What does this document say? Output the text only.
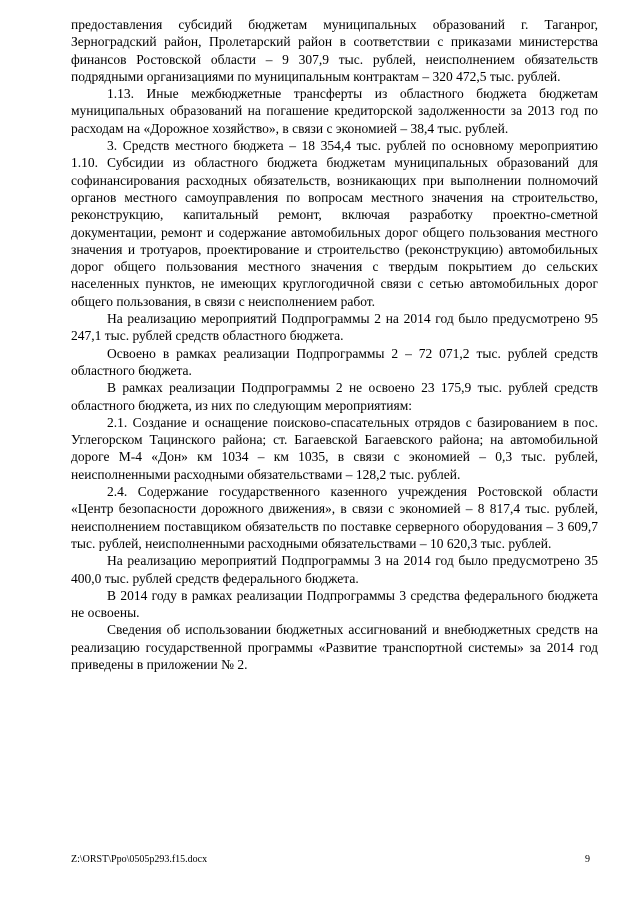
предоставления субсидий бюджетам муниципальных образований г. Таганрог, Зерноградский район, Пролетарский район в соответствии с приказами министерства финансов Ростовской области – 9 307,9 тыс. рублей, неисполнением обязательств подрядными организациями по муниципальным контрактам – 320 472,5 тыс. рублей.

1.13. Иные межбюджетные трансферты из областного бюджета бюджетам муниципальных образований на погашение кредиторской задолженности за 2013 год по расходам на «Дорожное хозяйство», в связи с экономией – 38,4 тыс. рублей.

3. Средств местного бюджета – 18 354,4 тыс. рублей по основному мероприятию 1.10. Субсидии из областного бюджета бюджетам муниципальных образований для софинансирования расходных обязательств, возникающих при выполнении полномочий органов местного самоуправления по вопросам местного значения на строительство, реконструкцию, капитальный ремонт, включая разработку проектно-сметной документации, ремонт и содержание автомобильных дорог общего пользования местного значения и тротуаров, проектирование и строительство (реконструкцию) автомобильных дорог общего пользования местного значения с твердым покрытием до сельских населенных пунктов, не имеющих круглогодичной связи с сетью автомобильных дорог общего пользования, в связи с неисполнением работ.

На реализацию мероприятий Подпрограммы 2 на 2014 год было предусмотрено 95 247,1 тыс. рублей средств областного бюджета.

Освоено в рамках реализации Подпрограммы 2 – 72 071,2 тыс. рублей средств областного бюджета.

В рамках реализации Подпрограммы 2 не освоено 23 175,9 тыс. рублей средств областного бюджета, из них по следующим мероприятиям:

2.1. Создание и оснащение поисково-спасательных отрядов с базированием в пос. Углегорском Тацинского района; ст. Багаевской Багаевского района; на автомобильной дороге М-4 «Дон» км 1034 – км 1035, в связи с экономией – 0,3 тыс. рублей, неисполненными расходными обязательствами – 128,2 тыс. рублей.

2.4. Содержание государственного казенного учреждения Ростовской области «Центр безопасности дорожного движения», в связи с экономией – 8 817,4 тыс. рублей, неисполнением поставщиком обязательств по поставке серверного оборудования – 3 609,7 тыс. рублей, неисполненными расходными обязательствами – 10 620,3 тыс. рублей.

На реализацию мероприятий Подпрограммы 3 на 2014 год было предусмотрено 35 400,0 тыс. рублей средств федерального бюджета.

В 2014 году в рамках реализации Подпрограммы 3 средства федерального бюджета не освоены.

Сведения об использовании бюджетных ассигнований и внебюджетных средств на реализацию государственной программы «Развитие транспортной системы» за 2014 год приведены в приложении № 2.

Z:\ORST\Ppo\0505p293.f15.docx	9
